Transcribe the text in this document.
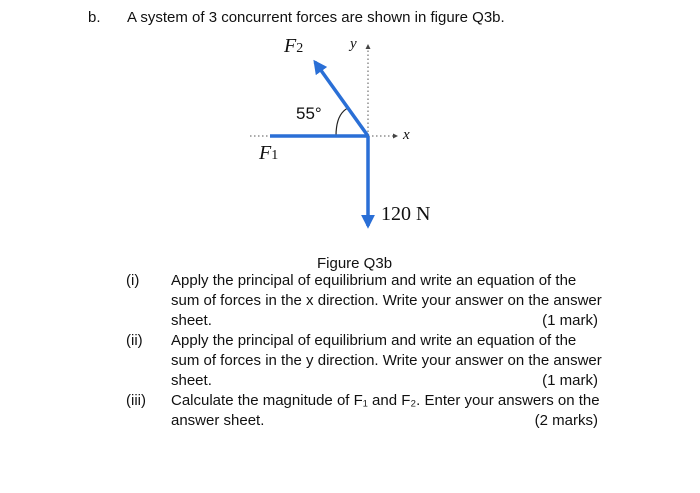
b. A system of 3 concurrent forces are shown in figure Q3b.
F2	y
55°
x
F1
120 N
Figure Q3b
(i) Apply the principal of equilibrium and write an equation of the
sum of forces in the x direction. Write your answer on the answer
sheet.	(1 mark)
(ii) Apply the principal of equilibrium and write an equation of the
sum of forces in the y direction. Write your answer on the answer
sheet.	(1 mark)
(iii) Calculate the magnitude of F₁ and F₂. Enter your answers on the
answer sheet.	(2 marks)
